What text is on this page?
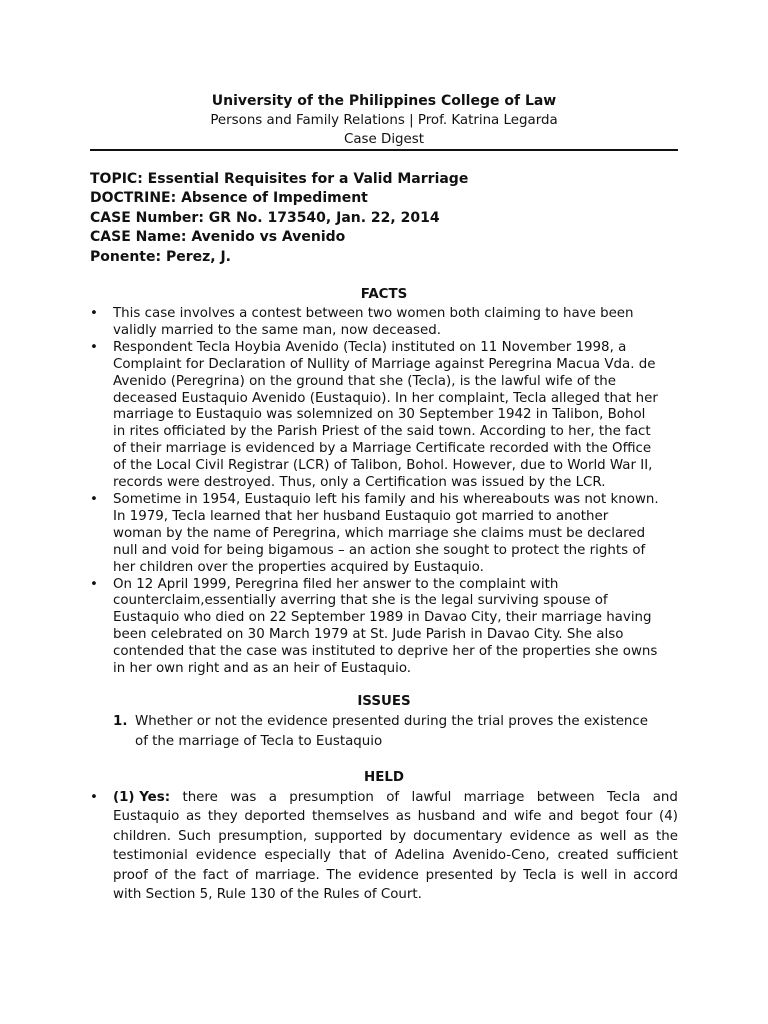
University of the Philippines College of Law
Persons and Family Relations | Prof. Katrina Legarda
Case Digest
TOPIC: Essential Requisites for a Valid Marriage
DOCTRINE: Absence of Impediment
CASE Number: GR No. 173540, Jan. 22, 2014
CASE Name: Avenido vs Avenido
Ponente: Perez, J.
FACTS
• This case involves a contest between two women both claiming to have been
validly married to the same man, now deceased.
• Respondent Tecla Hoybia Avenido (Tecla) instituted on 11 November 1998, a
Complaint for Declaration of Nullity of Marriage against Peregrina Macua Vda. de
Avenido (Peregrina) on the ground that she (Tecla), is the lawful wife of the
deceased Eustaquio Avenido (Eustaquio). In her complaint, Tecla alleged that her
marriage to Eustaquio was solemnized on 30 September 1942 in Talibon, Bohol
in rites officiated by the Parish Priest of the said town. According to her, the fact
of their marriage is evidenced by a Marriage Certificate recorded with the Office
of the Local Civil Registrar (LCR) of Talibon, Bohol. However, due to World War II,
records were destroyed. Thus, only a Certification was issued by the LCR.
• Sometime in 1954, Eustaquio left his family and his whereabouts was not known.
In 1979, Tecla learned that her husband Eustaquio got married to another
woman by the name of Peregrina, which marriage she claims must be declared
null and void for being bigamous – an action she sought to protect the rights of
her children over the properties acquired by Eustaquio.
• On 12 April 1999, Peregrina filed her answer to the complaint with
counterclaim,essentially averring that she is the legal surviving spouse of
Eustaquio who died on 22 September 1989 in Davao City, their marriage having
been celebrated on 30 March 1979 at St. Jude Parish in Davao City. She also
contended that the case was instituted to deprive her of the properties she owns
in her own right and as an heir of Eustaquio.
ISSUES
1. Whether or not the evidence presented during the trial proves the existence
of the marriage of Tecla to Eustaquio
HELD
• (1) Yes: there was a presumption of lawful marriage between Tecla and
Eustaquio as they deported themselves as husband and wife and begot four (4)
children. Such presumption, supported by documentary evidence as well as the
testimonial evidence especially that of Adelina Avenido-Ceno, created sufficient
proof of the fact of marriage. The evidence presented by Tecla is well in accord
with Section 5, Rule 130 of the Rules of Court.
